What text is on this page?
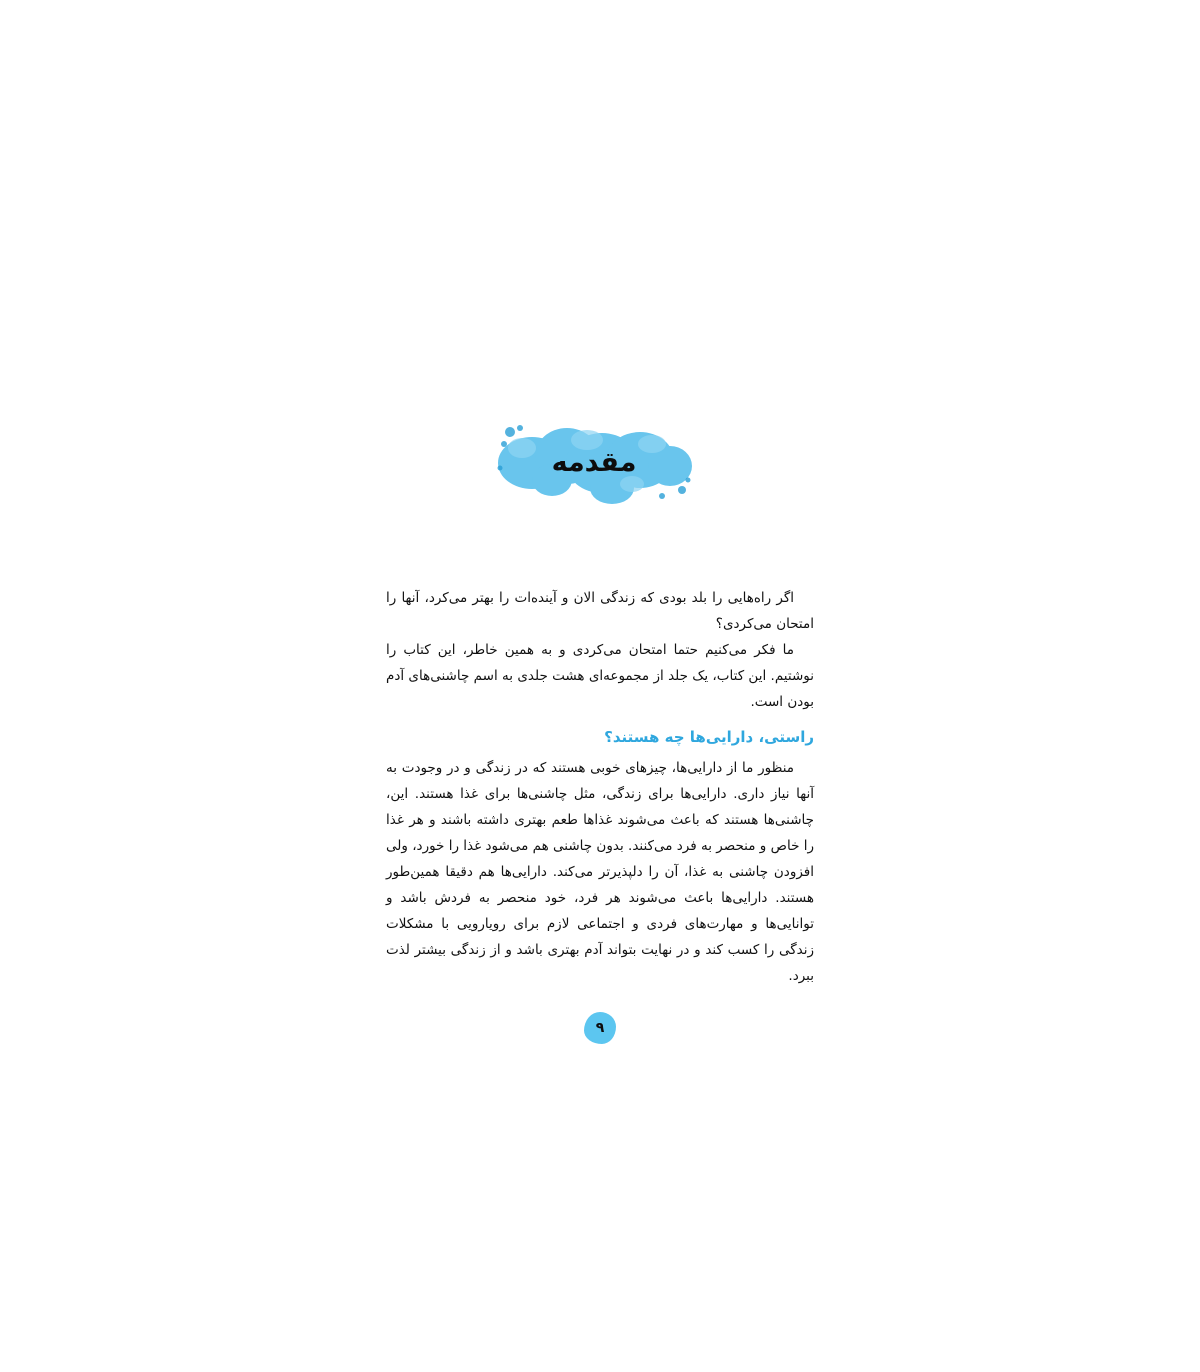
مقدمه

اگر راه‌هایی را بلد بودی که زندگی الان و آینده‌ات را بهتر می‌کرد، آنها را امتحان می‌کردی؟

ما فکر می‌کنیم حتما امتحان می‌کردی و به همین خاطر، این کتاب را نوشتیم. این کتاب، یک جلد از مجموعه‌ای هشت جلدی به اسم چاشنی‌های آدم بودن است.

راستی، دارایی‌ها چه هستند؟

منظور ما از دارایی‌ها، چیزهای خوبی هستند که در زندگی و در وجودت به آنها نیاز داری. دارایی‌ها برای زندگی، مثل چاشنی‌ها برای غذا هستند. این، چاشنی‌ها هستند که باعث می‌شوند غذاها طعم بهتری داشته باشند و هر غذا را خاص و منحصر به فرد می‌کنند. بدون چاشنی هم می‌شود غذا را خورد، ولی افزودن چاشنی به غذا، آن را دلپذیرتر می‌کند. دارایی‌ها هم دقیقا همین‌طور هستند. دارایی‌ها باعث می‌شوند هر فرد، خود منحصر به فردش باشد و توانایی‌ها و مهارت‌های فردی و اجتماعی لازم برای رویارویی با مشکلات زندگی را کسب کند و در نهایت بتواند آدم بهتری باشد و از زندگی بیشتر لذت ببرد.

۹
